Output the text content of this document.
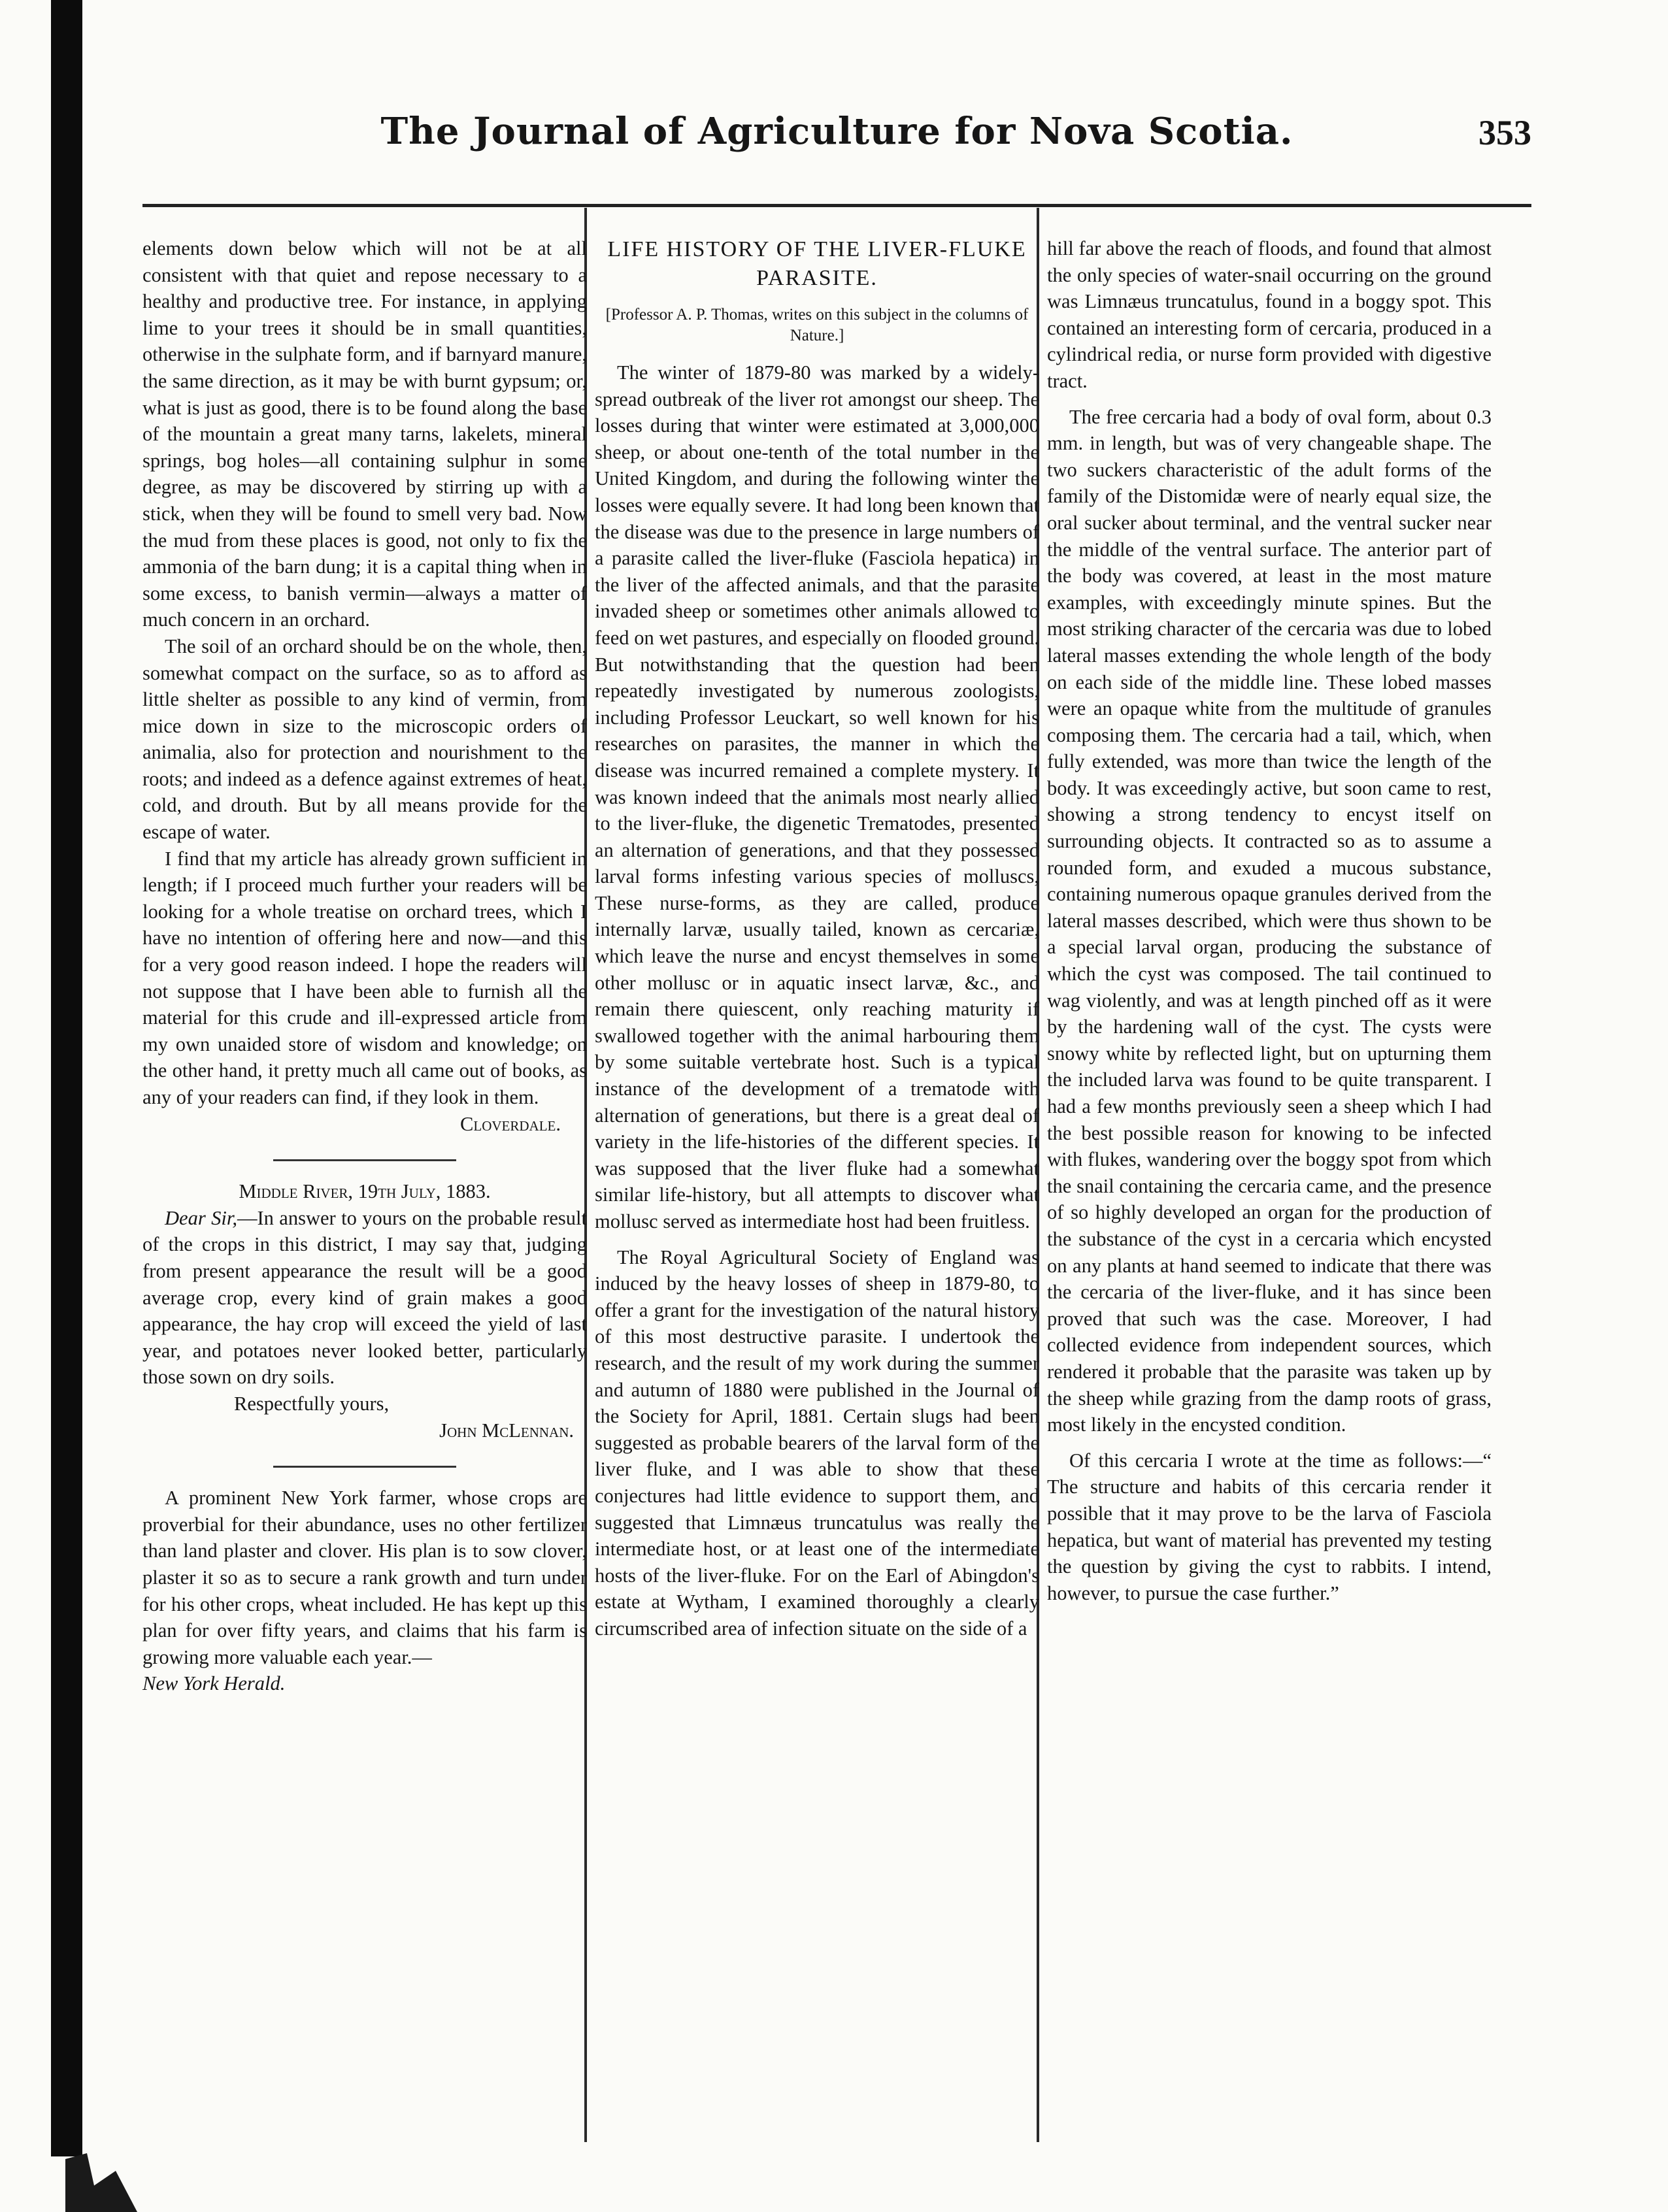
The Journal of Agriculture for Nova Scotia.	353

elements down below which will not be at all consistent with that quiet and repose necessary to a healthy and productive tree. For instance, in applying lime to your trees it should be in small quantities, otherwise in the sulphate form, and if barnyard manure, the same direction, as it may be with burnt gypsum; or, what is just as good, there is to be found along the base of the mountain a great many tarns, lakelets, mineral springs, bog holes—all containing sulphur in some degree, as may be discovered by stirring up with a stick, when they will be found to smell very bad. Now the mud from these places is good, not only to fix the ammonia of the barn dung; it is a capital thing when in some excess, to banish vermin—always a matter of much concern in an orchard.

The soil of an orchard should be on the whole, then, somewhat compact on the surface, so as to afford as little shelter as possible to any kind of vermin, from mice down in size to the microscopic orders of animalia, also for protection and nourishment to the roots; and indeed as a defence against extremes of heat, cold, and drouth. But by all means provide for the escape of water.

I find that my article has already grown sufficient in length; if I proceed much further your readers will be looking for a whole treatise on orchard trees, which I have no intention of offering here and now—and this for a very good reason indeed. I hope the readers will not suppose that I have been able to furnish all the material for this crude and ill-expressed article from my own unaided store of wisdom and knowledge; on the other hand, it pretty much all came out of books, as any of your readers can find, if they look in them.

Cloverdale.
Middle River, 19th July, 1883.

Dear Sir,—In answer to yours on the probable result of the crops in this district, I may say that, judging from present appearance the result will be a good average crop, every kind of grain makes a good appearance, the hay crop will exceed the yield of last year, and potatoes never looked better, particularly those sown on dry soils.

Respectfully yours,
John McLennan.

A prominent New York farmer, whose crops are proverbial for their abundance, uses no other fertilizer than land plaster and clover. His plan is to sow clover, plaster it so as to secure a rank growth and turn under for his other crops, wheat included. He has kept up this plan for over fifty years, and claims that his farm is growing more valuable each year.—
New York Herald.

LIFE HISTORY OF THE LIVER-FLUKE PARASITE.
[Professor A. P. Thomas, writes on this subject in the columns of Nature.]

The winter of 1879-80 was marked by a widely-spread outbreak of the liver rot amongst our sheep. The losses during that winter were estimated at 3,000,000 sheep, or about one-tenth of the total number in the United Kingdom, and during the following winter the losses were equally severe. It had long been known that the disease was due to the presence in large numbers of a parasite called the liver-fluke (Fasciola hepatica) in the liver of the affected animals, and that the parasite invaded sheep or sometimes other animals allowed to feed on wet pastures, and especially on flooded ground. But notwithstanding that the question had been repeatedly investigated by numerous zoologists, including Professor Leuckart, so well known for his researches on parasites, the manner in which the disease was incurred remained a complete mystery. It was known indeed that the animals most nearly allied to the liver-fluke, the digenetic Trematodes, presented an alternation of generations, and that they possessed larval forms infesting various species of molluscs, These nurse-forms, as they are called, produce internally larvæ, usually tailed, known as cercariæ, which leave the nurse and encyst themselves in some other mollusc or in aquatic insect larvæ, &c., and remain there quiescent, only reaching maturity if swallowed together with the animal harbouring them by some suitable vertebrate host. Such is a typical instance of the development of a trematode with alternation of generations, but there is a great deal of variety in the life-histories of the different species. It was supposed that the liver fluke had a somewhat similar life-history, but all attempts to discover what mollusc served as intermediate host had been fruitless.

The Royal Agricultural Society of England was induced by the heavy losses of sheep in 1879-80, to offer a grant for the investigation of the natural history of this most destructive parasite. I undertook the research, and the result of my work during the summer and autumn of 1880 were published in the Journal of the Society for April, 1881. Certain slugs had been suggested as probable bearers of the larval form of the liver fluke, and I was able to show that these conjectures had little evidence to support them, and suggested that Limnæus truncatulus was really the intermediate host, or at least one of the intermediate hosts of the liver-fluke. For on the Earl of Abingdon's estate at Wytham, I examined thoroughly a clearly circumscribed area of infection situate on the side of a

hill far above the reach of floods, and found that almost the only species of water-snail occurring on the ground was Limnæus truncatulus, found in a boggy spot. This contained an interesting form of cercaria, produced in a cylindrical redia, or nurse form provided with digestive tract.

The free cercaria had a body of oval form, about 0.3 mm. in length, but was of very changeable shape. The two suckers characteristic of the adult forms of the family of the Distomidæ were of nearly equal size, the oral sucker about terminal, and the ventral sucker near the middle of the ventral surface. The anterior part of the body was covered, at least in the most mature examples, with exceedingly minute spines. But the most striking character of the cercaria was due to lobed lateral masses extending the whole length of the body on each side of the middle line. These lobed masses were an opaque white from the multitude of granules composing them. The cercaria had a tail, which, when fully extended, was more than twice the length of the body. It was exceedingly active, but soon came to rest, showing a strong tendency to encyst itself on surrounding objects. It contracted so as to assume a rounded form, and exuded a mucous substance, containing numerous opaque granules derived from the lateral masses described, which were thus shown to be a special larval organ, producing the substance of which the cyst was composed. The tail continued to wag violently, and was at length pinched off as it were by the hardening wall of the cyst. The cysts were snowy white by reflected light, but on upturning them the included larva was found to be quite transparent. I had a few months previously seen a sheep which I had the best possible reason for knowing to be infected with flukes, wandering over the boggy spot from which the snail containing the cercaria came, and the presence of so highly developed an organ for the production of the substance of the cyst in a cercaria which encysted on any plants at hand seemed to indicate that there was the cercaria of the liver-fluke, and it has since been proved that such was the case. Moreover, I had collected evidence from independent sources, which rendered it probable that the parasite was taken up by the sheep while grazing from the damp roots of grass, most likely in the encysted condition.

Of this cercaria I wrote at the time as follows:—“ The structure and habits of this cercaria render it possible that it may prove to be the larva of Fasciola hepatica, but want of material has prevented my testing the question by giving the cyst to rabbits. I intend, however, to pursue the case further.”
